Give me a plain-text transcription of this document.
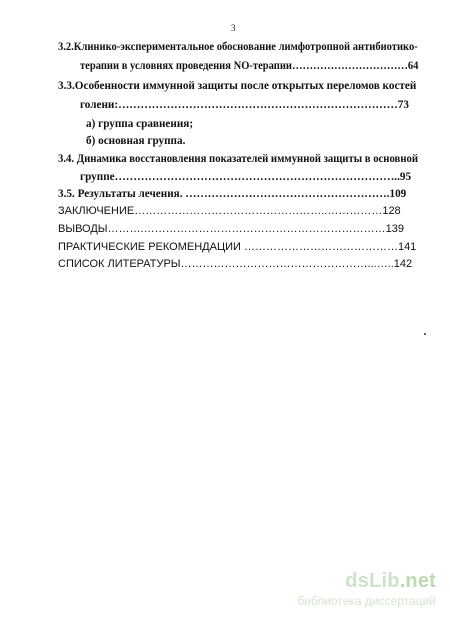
3
3.2.Клинико-экспериментальное обоснование лимфотропной антибиотико-
терапии в условиях проведения NO-терапии……………………………64
3.3.Особенности иммунной защиты после открытых переломов костей
голени:…………………………………………………………………73
а) группа сравнения;
б) основная группа.
3.4. Динамика восстановления показателей иммунной защиты в основной
группе…………………………………………………………………..95
3.5. Результаты лечения. ……………………………………………….109
ЗАКЛЮЧЕНИЕ……………………………………………..……………128
ВЫВОДЫ……….…………………………………………………………139
ПРАКТИЧЕСКИЕ РЕКОМЕНДАЦИИ ……………………………………141
СПИСОК ЛИТЕРАТУРЫ……………………………………………...…..142
dsLib.net
библиотека диссертаций
